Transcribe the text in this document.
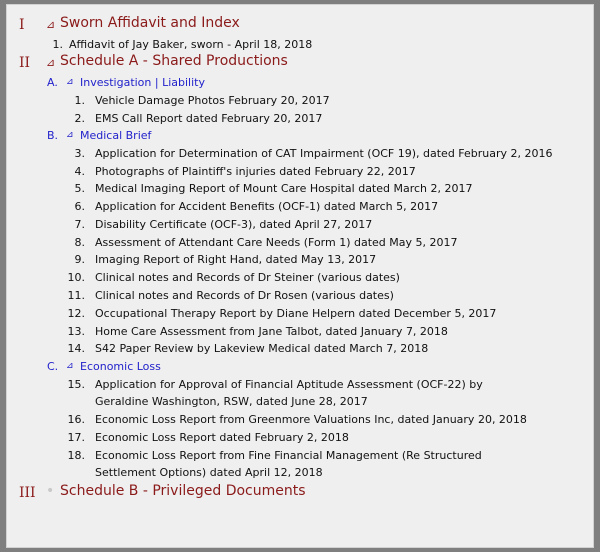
I ⊿ Sworn Affidavit and Index
1. Affidavit of Jay Baker, sworn - April 18, 2018
II ⊿ Schedule A - Shared Productions
A. ⊿ Investigation | Liability
1. Vehicle Damage Photos February 20, 2017
2. EMS Call Report dated February 20, 2017
B. ⊿ Medical Brief
3. Application for Determination of CAT Impairment (OCF 19), dated February 2, 2016
4. Photographs of Plaintiff's injuries dated February 22, 2017
5. Medical Imaging Report of Mount Care Hospital dated March 2, 2017
6. Application for Accident Benefits (OCF-1) dated March 5, 2017
7. Disability Certificate (OCF-3), dated April 27, 2017
8. Assessment of Attendant Care Needs (Form 1) dated May 5, 2017
9. Imaging Report of Right Hand, dated May 13, 2017
10. Clinical notes and Records of Dr Steiner (various dates)
11. Clinical notes and Records of Dr Rosen (various dates)
12. Occupational Therapy Report by Diane Helpern dated December 5, 2017
13. Home Care Assessment from Jane Talbot, dated January 7, 2018
14. S42 Paper Review by Lakeview Medical dated March 7, 2018
C. ⊿ Economic Loss
15. Application for Approval of Financial Aptitude Assessment (OCF-22) by
Geraldine Washington, RSW, dated June 28, 2017
16. Economic Loss Report from Greenmore Valuations Inc, dated January 20, 2018
17. Economic Loss Report dated February 2, 2018
18. Economic Loss Report from Fine Financial Management (Re Structured
Settlement Options) dated April 12, 2018
III • Schedule B - Privileged Documents
